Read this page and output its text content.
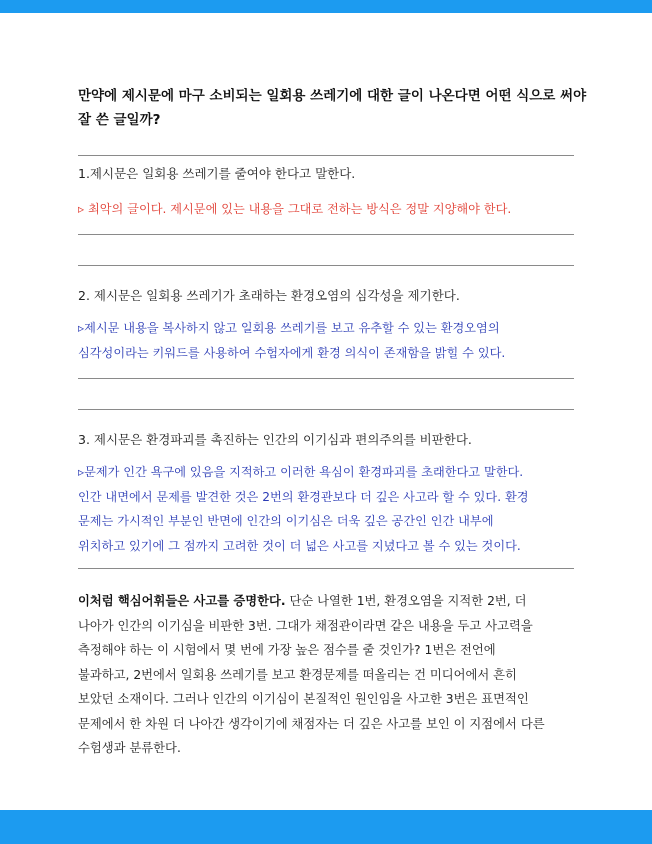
만약에 제시문에 마구 소비되는 일회용 쓰레기에 대한 글이 나온다면 어떤 식으로 써야
잘 쓴 글일까?
1.제시문은 일회용 쓰레기를 줄여야 한다고 말한다.
▹ 최악의 글이다. 제시문에 있는 내용을 그대로 전하는 방식은 정말 지양해야 한다.
2. 제시문은 일회용 쓰레기가 초래하는 환경오염의 심각성을 제기한다.
▹제시문 내용을 복사하지 않고 일회용 쓰레기를 보고 유추할 수 있는 환경오염의
심각성이라는 키워드를 사용하여 수험자에게 환경 의식이 존재함을 밝힐 수 있다.
3. 제시문은 환경파괴를 촉진하는 인간의 이기심과 편의주의를 비판한다.
▹문제가 인간 욕구에 있음을 지적하고 이러한 욕심이 환경파괴를 초래한다고 말한다.
인간 내면에서 문제를 발견한 것은 2번의 환경관보다 더 깊은 사고라 할 수 있다. 환경
문제는 가시적인 부분인 반면에 인간의 이기심은 더욱 깊은 공간인 인간 내부에
위치하고 있기에 그 점까지 고려한 것이 더 넓은 사고를 지녔다고 볼 수 있는 것이다.
이처럼 핵심어휘들은 사고를 증명한다. 단순 나열한 1번, 환경오염을 지적한 2번, 더
나아가 인간의 이기심을 비판한 3번. 그대가 채점관이라면 같은 내용을 두고 사고력을
측정해야 하는 이 시험에서 몇 번에 가장 높은 점수를 줄 것인가? 1번은 전언에
불과하고, 2번에서 일회용 쓰레기를 보고 환경문제를 떠올리는 건 미디어에서 흔히
보았던 소재이다. 그러나 인간의 이기심이 본질적인 원인임을 사고한 3번은 표면적인
문제에서 한 차원 더 나아간 생각이기에 채점자는 더 깊은 사고를 보인 이 지점에서 다른
수험생과 분류한다.
